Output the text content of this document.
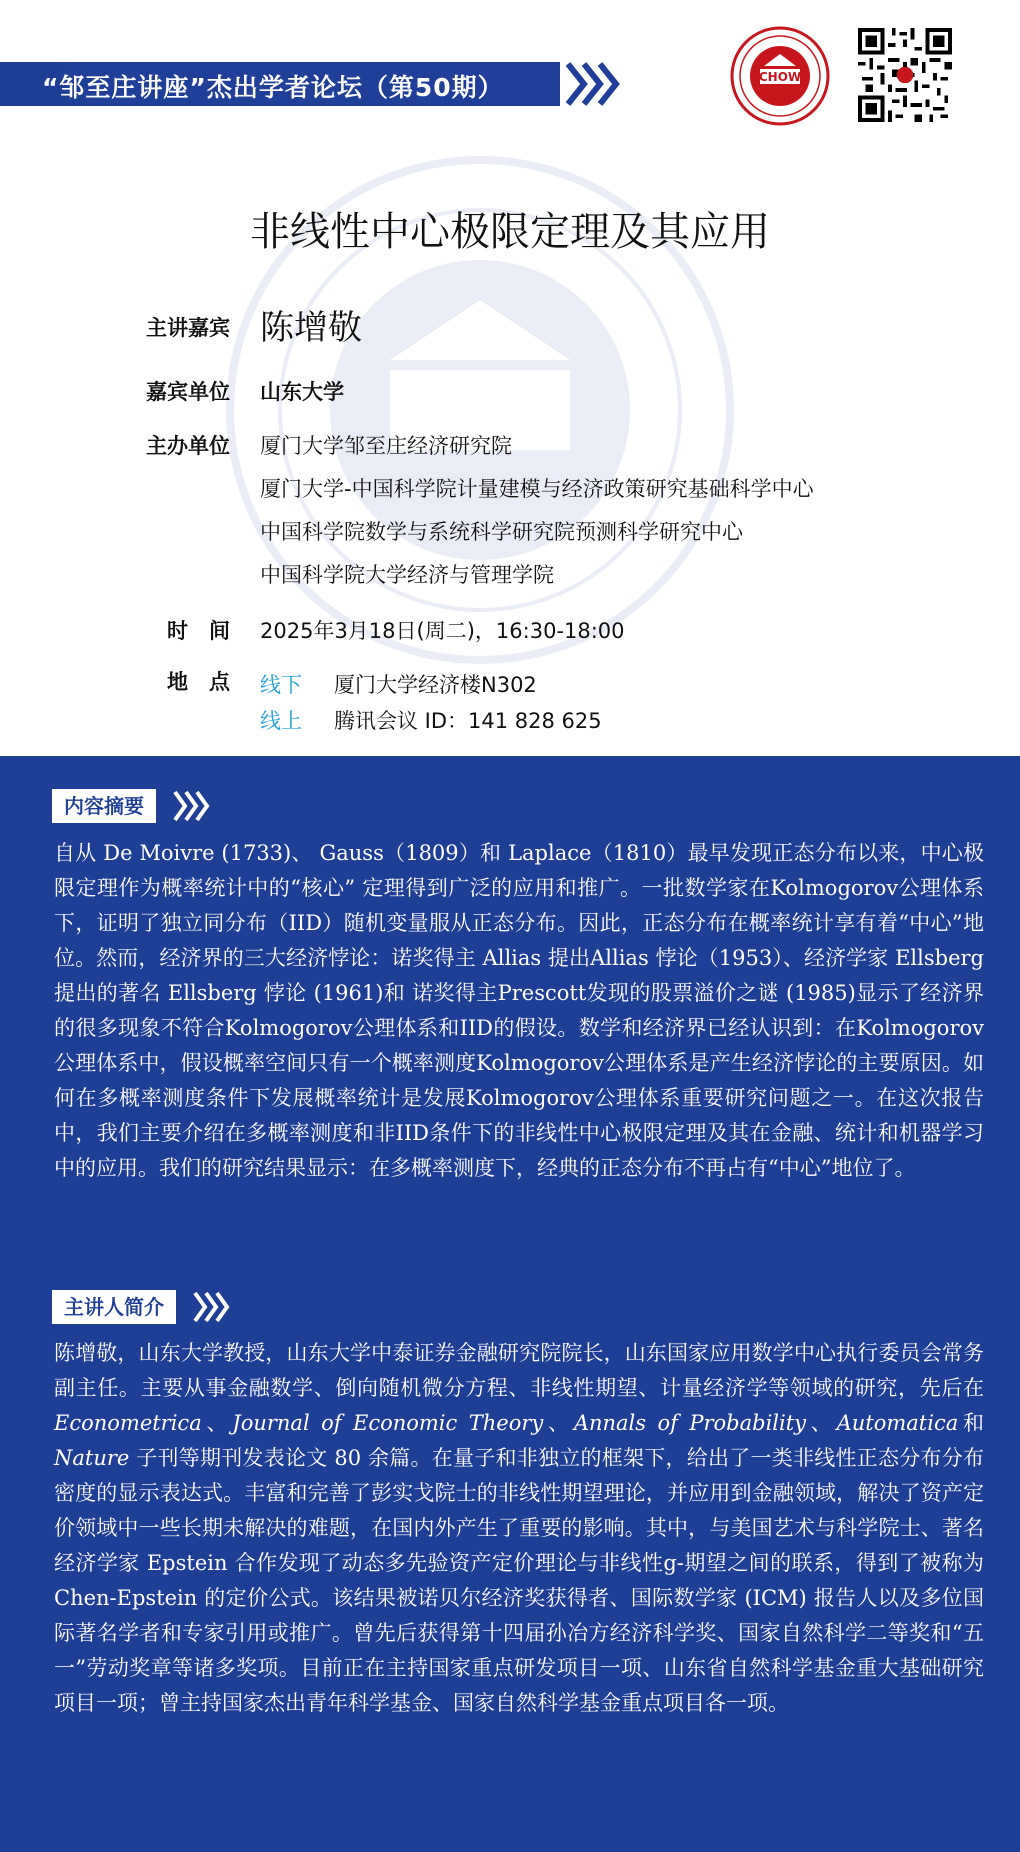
“邹至庄讲座”杰出学者论坛（第50期）	CHOW
非线性中心极限定理及其应用
主讲嘉宾 陈增敬
嘉宾单位 山东大学
主办单位 厦门大学邹至庄经济研究院
厦门大学-中国科学院计量建模与经济政策研究基础科学中心
中国科学院数学与系统科学研究院预测科学研究中心
中国科学院大学经济与管理学院
时　间 2025年3月18日(周二)，16:30-18:00
地　点 线下 厦门大学经济楼N302
线上 腾讯会议 ID：141 828 625
内容摘要
自从 De Moivre (1733)、 Gauss（1809）和 Laplace（1810）最早发现正态分布以来，中心极限定理作为概率统计中的“核心” 定理得到广泛的应用和推广。一批数学家在Kolmogorov公理体系下，证明了独立同分布（IID）随机变量服从正态分布。因此，正态分布在概率统计享有着“中心”地位。然而，经济界的三大经济悖论：诺奖得主 Allias 提出Allias 悖论（1953）、经济学家 Ellsberg 提出的著名 Ellsberg 悖论 (1961)和 诺奖得主Prescott发现的股票溢价之谜 (1985)显示了经济界的很多现象不符合Kolmogorov公理体系和IID的假设。数学和经济界已经认识到：在Kolmogorov公理体系中，假设概率空间只有一个概率测度Kolmogorov公理体系是产生经济悖论的主要原因。如何在多概率测度条件下发展概率统计是发展Kolmogorov公理体系重要研究问题之一。在这次报告中，我们主要介绍在多概率测度和非IID条件下的非线性中心极限定理及其在金融、统计和机器学习中的应用。我们的研究结果显示：在多概率测度下，经典的正态分布不再占有“中心”地位了。
主讲人简介
陈增敬，山东大学教授，山东大学中泰证券金融研究院院长，山东国家应用数学中心执行委员会常务副主任。主要从事金融数学、倒向随机微分方程、非线性期望、计量经济学等领域的研究，先后在Econometrica、Journal of Economic Theory、Annals of Probability、Automatica和Nature 子刊等期刊发表论文 80 余篇。在量子和非独立的框架下，给出了一类非线性正态分布分布密度的显示表达式。丰富和完善了彭实戈院士的非线性期望理论，并应用到金融领域，解决了资产定价领域中一些长期未解决的难题，在国内外产生了重要的影响。其中，与美国艺术与科学院士、著名经济学家 Epstein 合作发现了动态多先验资产定价理论与非线性g-期望之间的联系，得到了被称为 Chen-Epstein 的定价公式。该结果被诺贝尔经济奖获得者、国际数学家 (ICM) 报告人以及多位国际著名学者和专家引用或推广。曾先后获得第十四届孙冶方经济科学奖、国家自然科学二等奖和“五一”劳动奖章等诸多奖项。目前正在主持国家重点研发项目一项、山东省自然科学基金重大基础研究项目一项；曾主持国家杰出青年科学基金、国家自然科学基金重点项目各一项。
